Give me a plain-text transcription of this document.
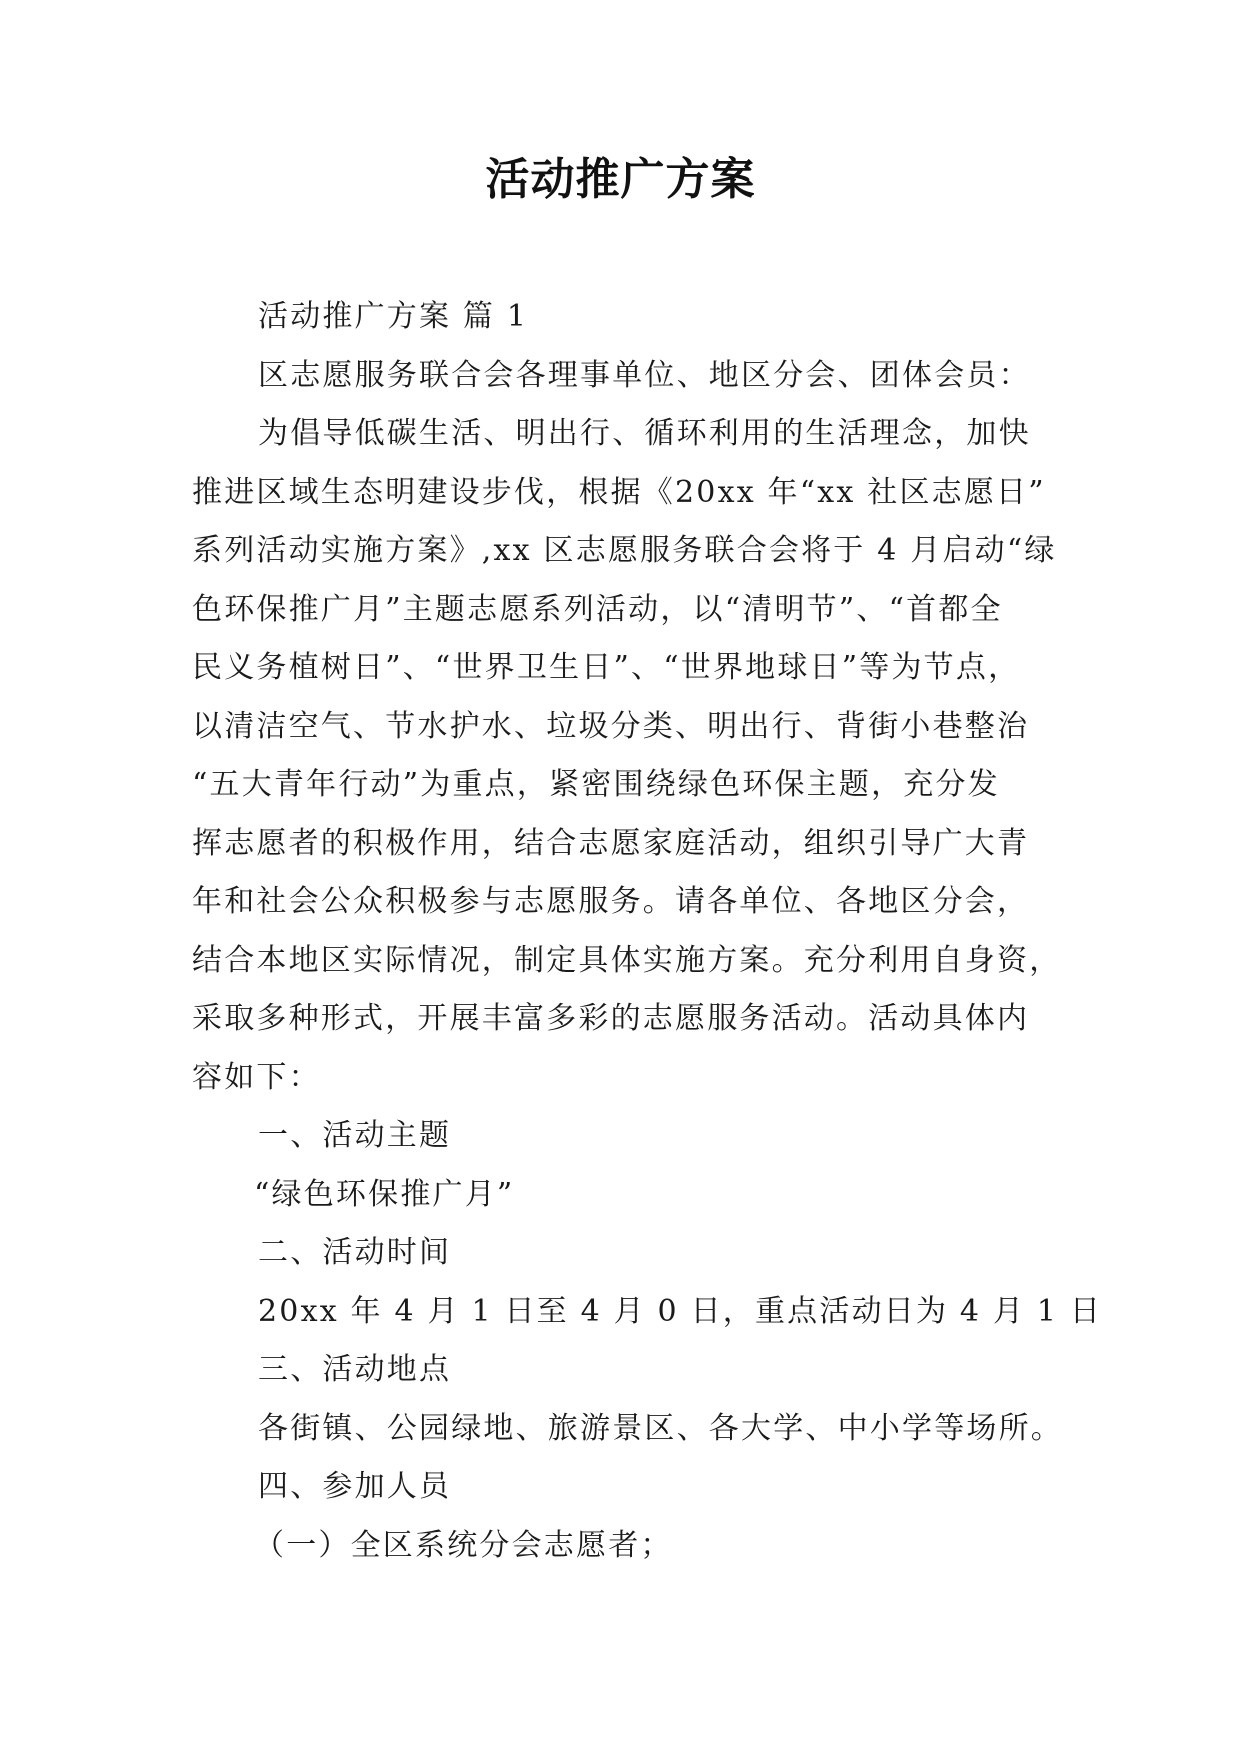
活动推广方案

活动推广方案 篇 1

区志愿服务联合会各理事单位、地区分会、团体会员：

为倡导低碳生活、明出行、循环利用的生活理念，加快

推进区域生态明建设步伐，根据《20xx 年“xx 社区志愿日”

系列活动实施方案》,xx 区志愿服务联合会将于 4 月启动“绿

色环保推广月”主题志愿系列活动，以“清明节”、“首都全

民义务植树日”、“世界卫生日”、“世界地球日”等为节点，

以清洁空气、节水护水、垃圾分类、明出行、背街小巷整治

“五大青年行动”为重点，紧密围绕绿色环保主题，充分发

挥志愿者的积极作用，结合志愿家庭活动，组织引导广大青

年和社会公众积极参与志愿服务。请各单位、各地区分会，

结合本地区实际情况，制定具体实施方案。充分利用自身资，

采取多种形式，开展丰富多彩的志愿服务活动。活动具体内

容如下：

一、活动主题

“绿色环保推广月”

二、活动时间

20xx 年 4 月 1 日至 4 月 0 日，重点活动日为 4 月 1 日

三、活动地点

各街镇、公园绿地、旅游景区、各大学、中小学等场所。

四、参加人员

（一）全区系统分会志愿者；
